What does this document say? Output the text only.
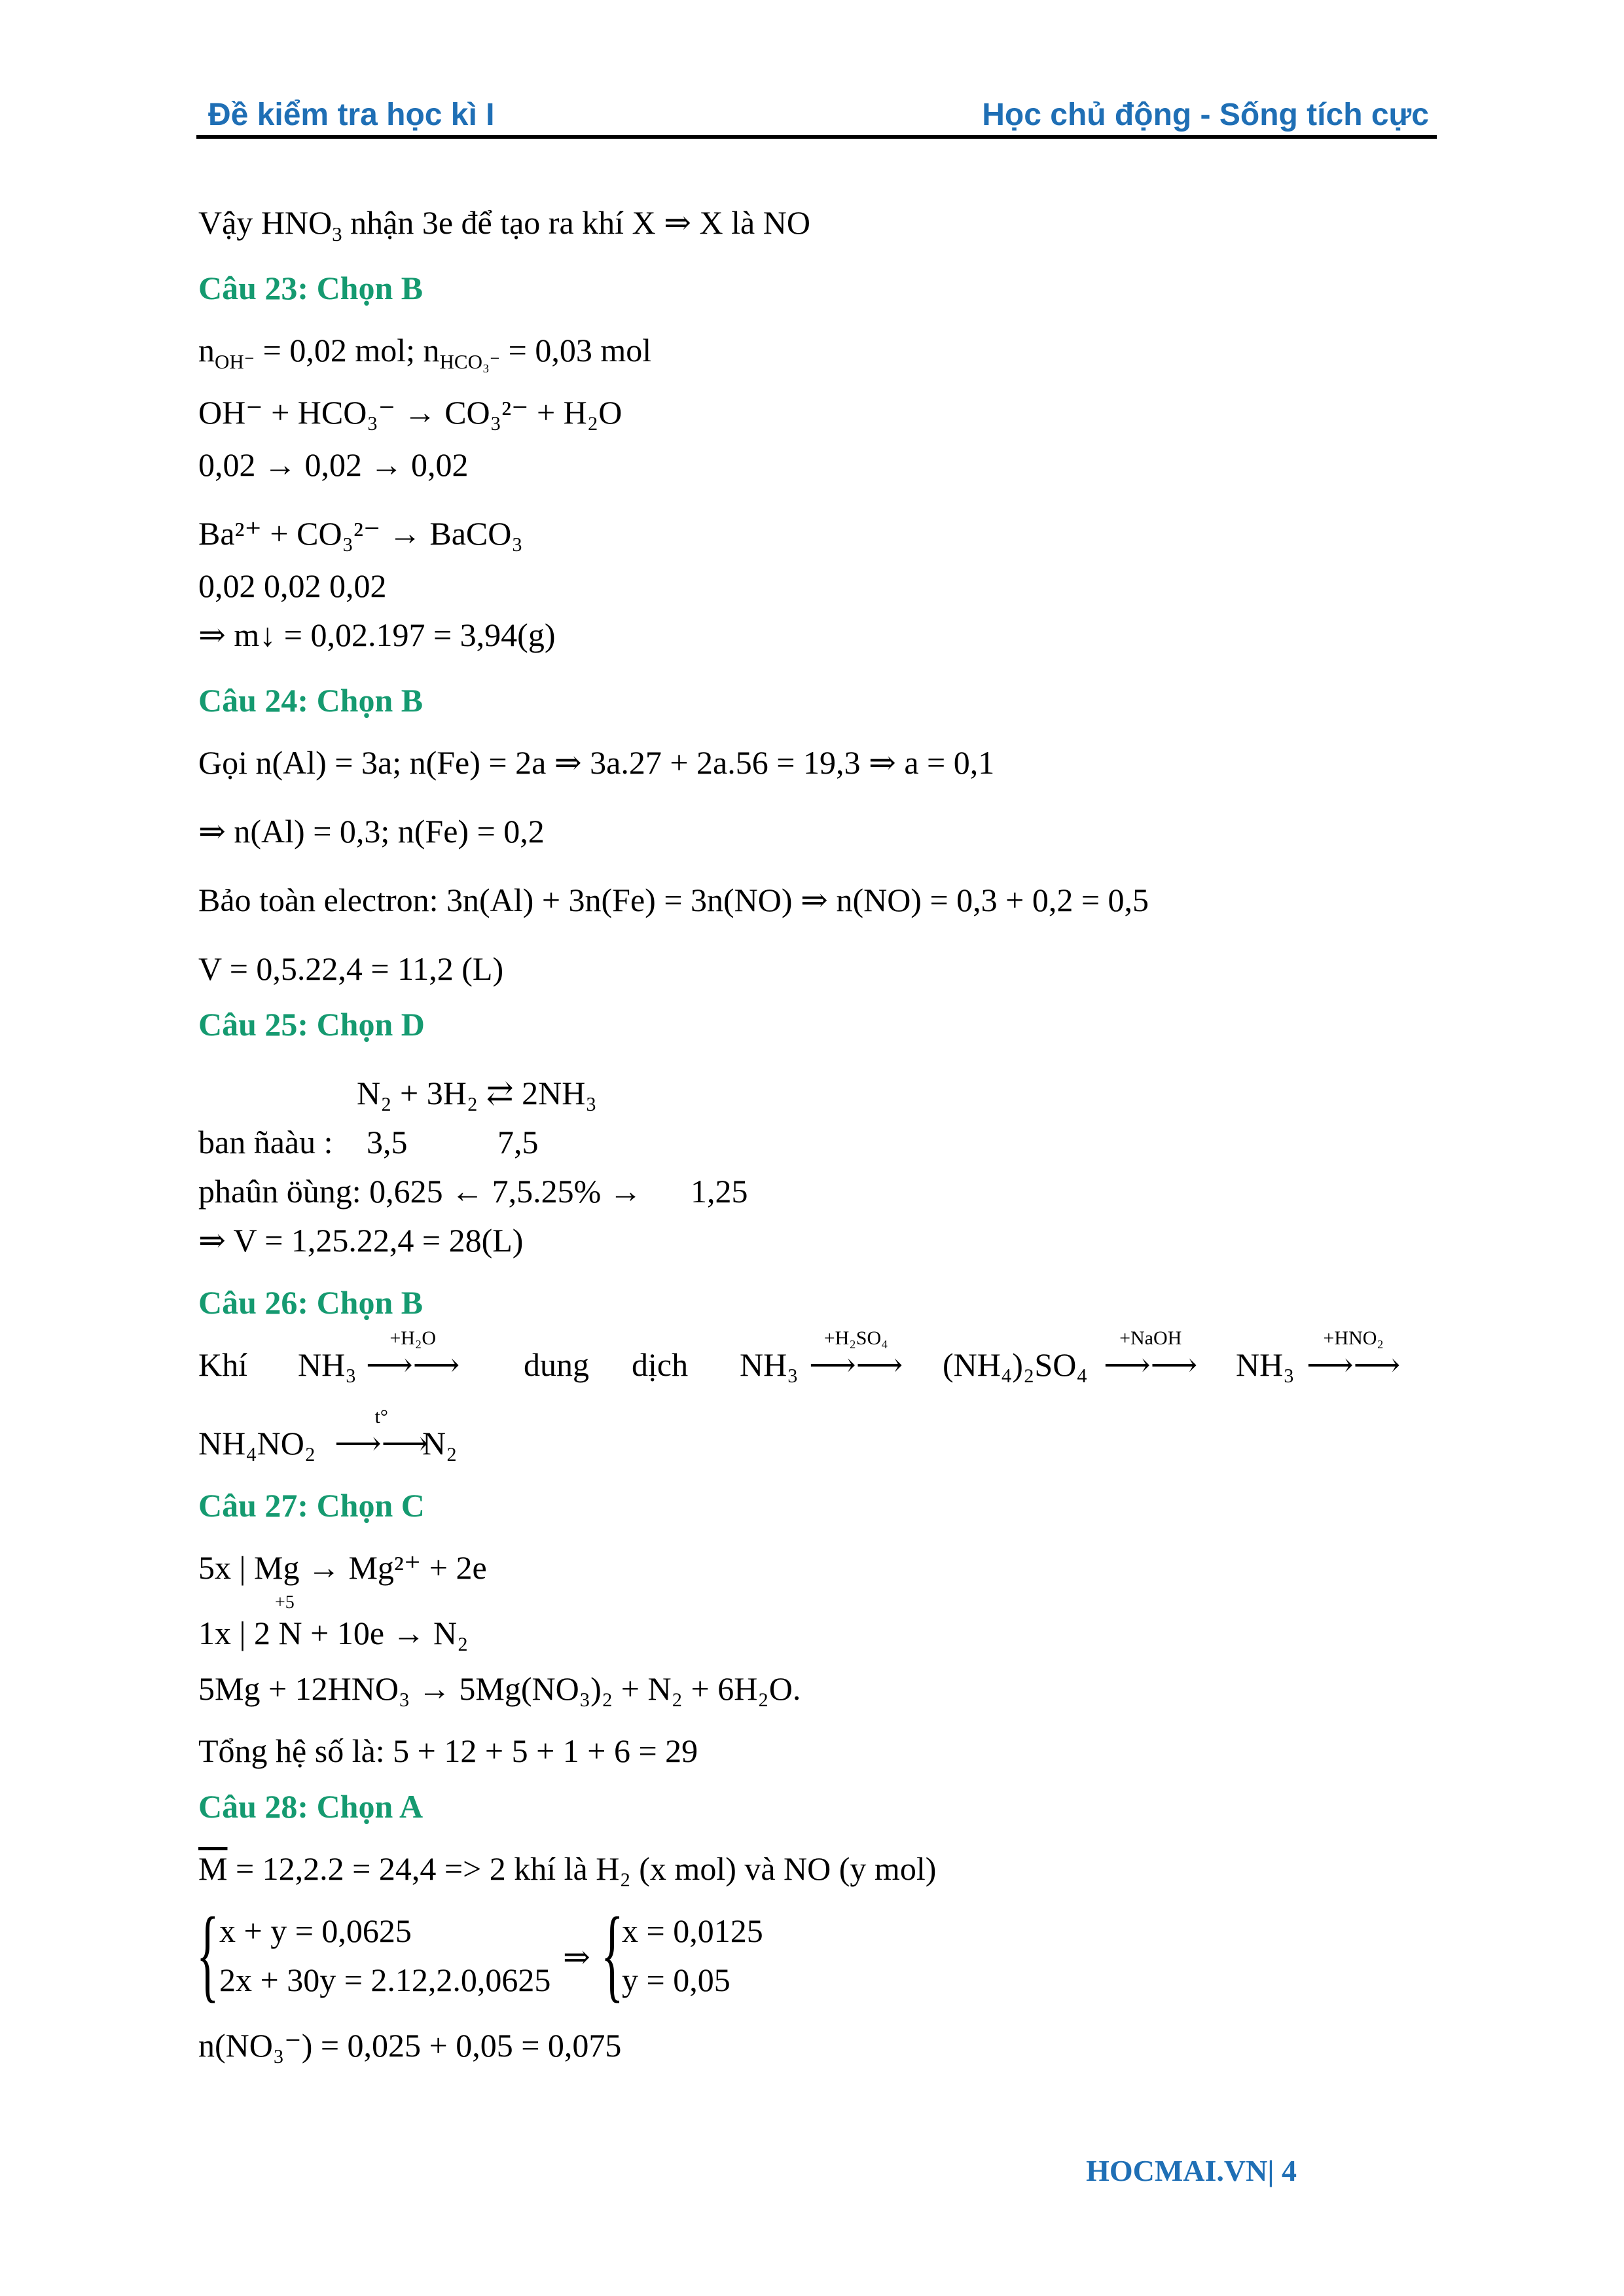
Đề kiểm tra học kì I	Học chủ động - Sống tích cực
Vậy $HNO_3$ nhận 3e để tạo ra khí X ⇒ X là NO
Câu 23: Chọn B
$n_{OH^-} = 0,02$ mol; $n_{HCO_3^-} = 0,03$ mol
OH⁻ + HCO₃⁻ → CO₃²⁻ + H₂O
0,02 → 0,02 → 0,02
Ba²⁺ + CO₃²⁻ → BaCO₃
0,02 0,02 0,02
⇒ m↓ = 0,02.197 = 3,94(g)
Câu 24: Chọn B
Gọi n(Al) = 3a; n(Fe) = 2a ⇒ 3a.27 + 2a.56 = 19,3 ⇒ a = 0,1
⇒ n(Al) = 0,3; n(Fe) = 0,2
Bảo toàn electron: 3n(Al) + 3n(Fe) = 3n(NO) ⇒ n(NO) = 0,3 + 0,2 = 0,5
V = 0,5.22,4 = 11,2 (L)
Câu 25: Chọn D
N₂ + 3H₂ ⇄ 2NH₃
ban ñaàu : 3,5	7,5
phaûn öùng: 0,625 ← 7,5.25% → 1,25
⇒ V = 1,25.22,4 = 28(L)
Câu 26: Chọn B
Khí NH₃
+H₂O
⟶⟶ dung dịch NH₃
+H₂SO₄
⟶⟶ (NH₄)₂SO₄
+NaOH
⟶⟶ NH₃
+HNO₂
⟶⟶
NH₄NO₂
t°
⟶⟶
N₂
Câu 27: Chọn C
5x | Mg → Mg²⁺ + 2e
+5
1x | 2 N + 10e → N₂
5Mg + 12HNO₃ → 5Mg(NO₃)₂ + N₂ + 6H₂O.
Tổng hệ số là: 5 + 12 + 5 + 1 + 6 = 29
Câu 28: Chọn A
$\overline{M} = 12,2.2 = 24,4 => 2$ khí là H₂ (x mol) và NO (y mol)
{ x + y = 0,0625
2x + 30y = 2.12,2.0,0625
⇒ {
x = 0,0125
y = 0,05
n(NO₃⁻) = 0,025 + 0,05 = 0,075
HOCMAI.VN| 4
